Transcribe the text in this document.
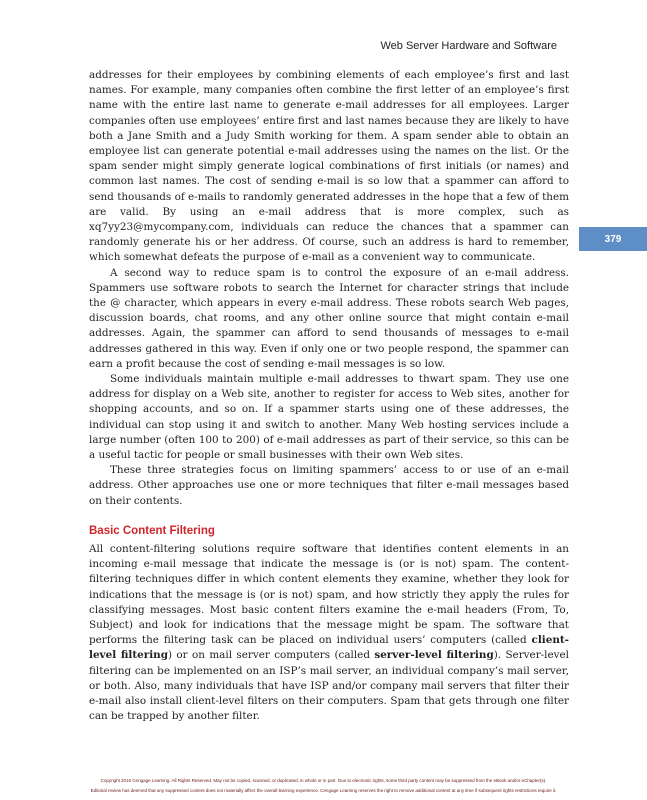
Web Server Hardware and Software
379

addresses for their employees by combining elements of each employee’s first and last names. For example, many companies often combine the first letter of an employee’s first name with the entire last name to generate e-mail addresses for all employees. Larger companies often use employees’ entire first and last names because they are likely to have both a Jane Smith and a Judy Smith working for them. A spam sender able to obtain an employee list can generate potential e-mail addresses using the names on the list. Or the spam sender might simply generate logical combinations of first initials (or names) and common last names. The cost of sending e-mail is so low that a spammer can afford to send thousands of e-mails to randomly generated addresses in the hope that a few of them are valid. By using an e-mail address that is more complex, such as xq7yy23@mycompany.com, individuals can reduce the chances that a spammer can randomly generate his or her address. Of course, such an address is hard to remember, which somewhat defeats the purpose of e-mail as a convenient way to communicate.

A second way to reduce spam is to control the exposure of an e-mail address. Spammers use software robots to search the Internet for character strings that include the @ character, which appears in every e-mail address. These robots search Web pages, discussion boards, chat rooms, and any other online source that might contain e-mail addresses. Again, the spammer can afford to send thousands of messages to e-mail addresses gathered in this way. Even if only one or two people respond, the spammer can earn a profit because the cost of sending e-mail messages is so low.

Some individuals maintain multiple e-mail addresses to thwart spam. They use one address for display on a Web site, another to register for access to Web sites, another for shopping accounts, and so on. If a spammer starts using one of these addresses, the individual can stop using it and switch to another. Many Web hosting services include a large number (often 100 to 200) of e-mail addresses as part of their service, so this can be a useful tactic for people or small businesses with their own Web sites.

These three strategies focus on limiting spammers’ access to or use of an e-mail address. Other approaches use one or more techniques that filter e-mail messages based on their contents.

Basic Content Filtering

All content-filtering solutions require software that identifies content elements in an incoming e-mail message that indicate the message is (or is not) spam. The content-filtering techniques differ in which content elements they examine, whether they look for indications that the message is (or is not) spam, and how strictly they apply the rules for classifying messages. Most basic content filters examine the e-mail headers (From, To, Subject) and look for indications that the message might be spam. The software that performs the filtering task can be placed on individual users’ computers (called client-level filtering) or on mail server computers (called server-level filtering). Server-level filtering can be implemented on an ISP’s mail server, an individual company’s mail server, or both. Also, many individuals that have ISP and/or company mail servers that filter their e-mail also install client-level filters on their computers. Spam that gets through one filter can be trapped by another filter.

Copyright 2015 Cengage Learning. All Rights Reserved. May not be copied, scanned, or duplicated, in whole or in part. Due to electronic rights, some third party content may be suppressed from the eBook and/or eChapter(s).
Editorial review has deemed that any suppressed content does not materially affect the overall learning experience. Cengage Learning reserves the right to remove additional content at any time if subsequent rights restrictions require it.
